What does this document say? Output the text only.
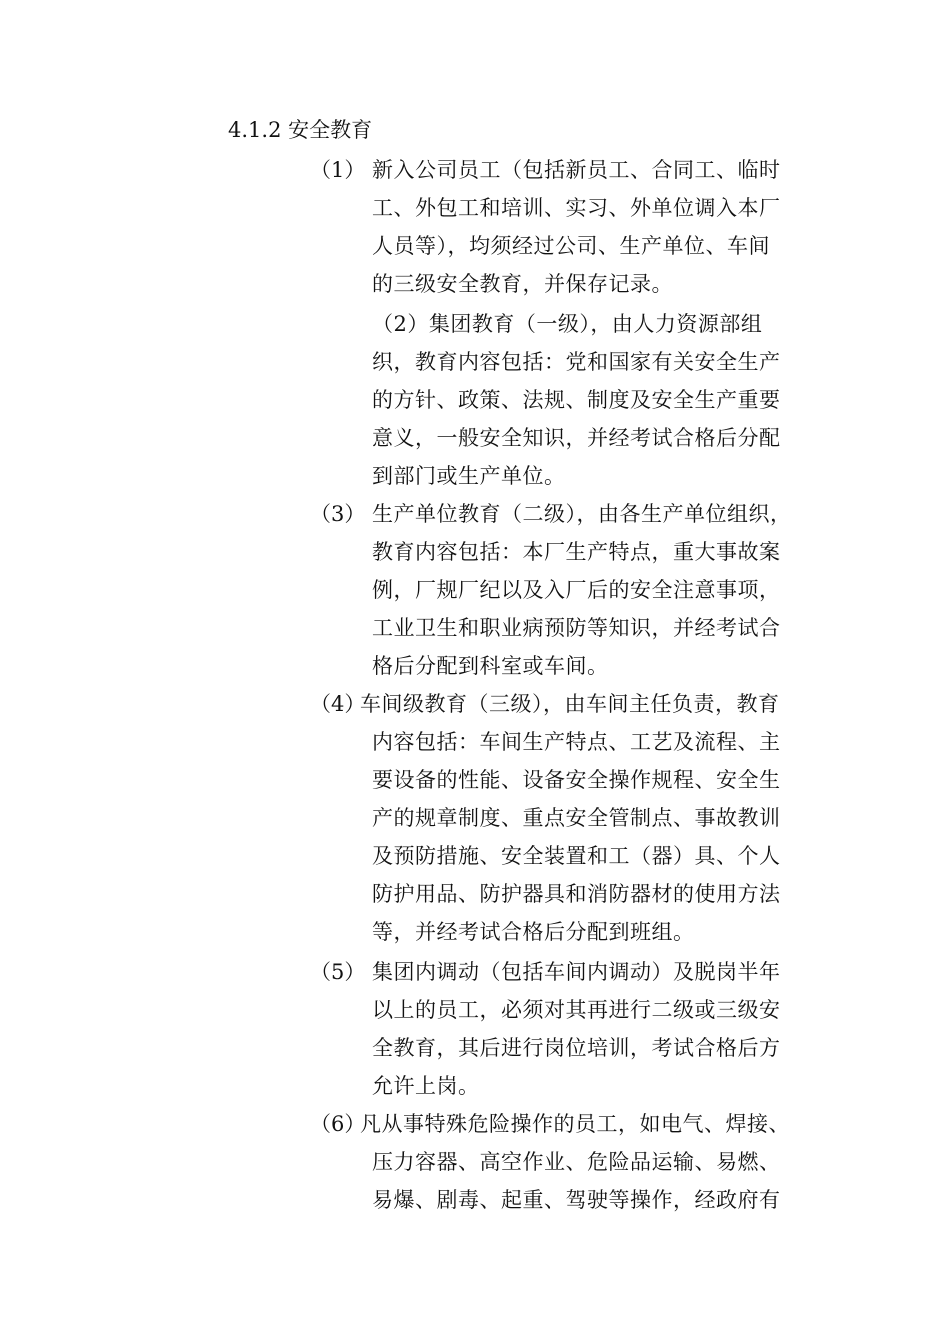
4.1.2 安全教育
（1） 新入公司员工（包括新员工、合同工、临时
工、外包工和培训、实习、外单位调入本厂
人员等），均须经过公司、生产单位、车间
的三级安全教育，并保存记录。
（2）集团教育（一级），由人力资源部组
织，教育内容包括：党和国家有关安全生产
的方针、政策、法规、制度及安全生产重要
意义，一般安全知识，并经考试合格后分配
到部门或生产单位。
（3） 生产单位教育（二级），由各生产单位组织，
教育内容包括：本厂生产特点，重大事故案
例，厂规厂纪以及入厂后的安全注意事项，
工业卫生和职业病预防等知识，并经考试合
格后分配到科室或车间。
（4）
车间级教育（三级），由车间主任负责，教育
内容包括：车间生产特点、工艺及流程、主
要设备的性能、设备安全操作规程、安全生
产的规章制度、重点安全管制点、事故教训
及预防措施、安全装置和工（器）具、个人
防护用品、防护器具和消防器材的使用方法
等，并经考试合格后分配到班组。
（5） 集团内调动（包括车间内调动）及脱岗半年
以上的员工，必须对其再进行二级或三级安
全教育，其后进行岗位培训，考试合格后方
允许上岗。
（6）
凡从事特殊危险操作的员工，如电气、焊接、
压力容器、高空作业、危险品运输、易燃、
易爆、剧毒、起重、驾驶等操作，经政府有
